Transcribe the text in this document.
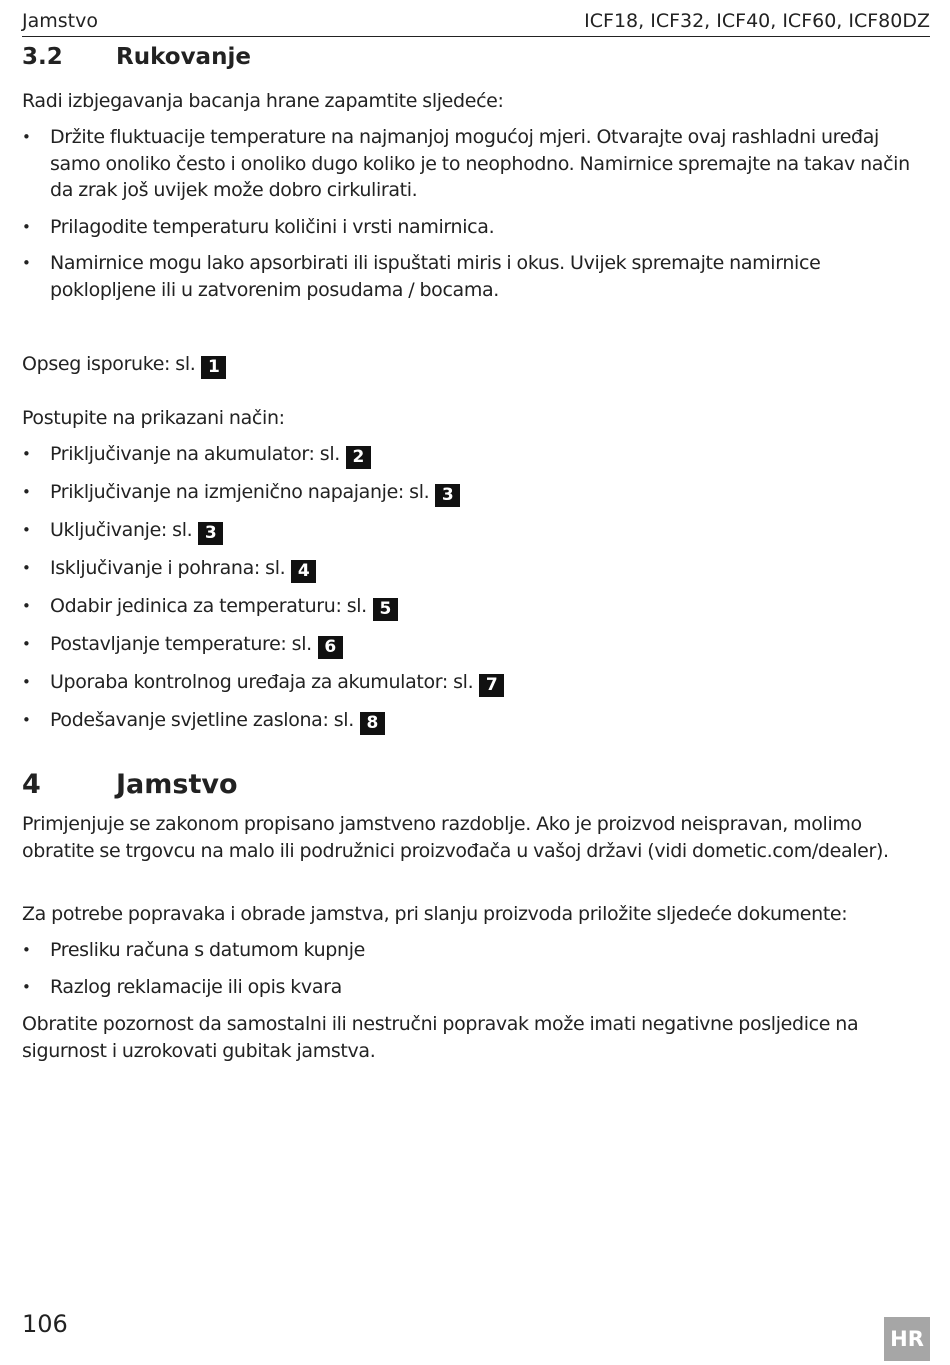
Jamstvo	ICF18, ICF32, ICF40, ICF60, ICF80DZ
3.2 Rukovanje

Radi izbjegavanja bacanja hrane zapamtite sljedeće:

• Držite fluktuacije temperature na najmanjoj mogućoj mjeri. Otvarajte ovaj rashladni uređaj samo onoliko često i onoliko dugo koliko je to neophodno. Namirnice spremajte na takav način da zrak još uvijek može dobro cirkulirati.
• Prilagodite temperaturu količini i vrsti namirnica.
• Namirnice mogu lako apsorbirati ili ispuštati miris i okus. Uvijek spremajte namirnice poklopljene ili u zatvorenim posudama / bocama.

Opseg isporuke: sl. 1

Postupite na prikazani način:

• Priključivanje na akumulator: sl. 2
• Priključivanje na izmjenično napajanje: sl. 3
• Uključivanje: sl. 3
• Isključivanje i pohrana: sl. 4
• Odabir jedinica za temperaturu: sl. 5
• Postavljanje temperature: sl. 6
• Uporaba kontrolnog uređaja za akumulator: sl. 7
• Podešavanje svjetline zaslona: sl. 8
4	Jamstvo

Primjenjuje se zakonom propisano jamstveno razdoblje. Ako je proizvod neispravan, molimo obratite se trgovcu na malo ili podružnici proizvođača u vašoj državi (vidi dometic.com/dealer).

Za potrebe popravaka i obrade jamstva, pri slanju proizvoda priložite sljedeće dokumente:

• Presliku računa s datumom kupnje
• Razlog reklamacije ili opis kvara

Obratite pozornost da samostalni ili nestručni popravak može imati negativne posljedice na sigurnost i uzrokovati gubitak jamstva.

106
HR
